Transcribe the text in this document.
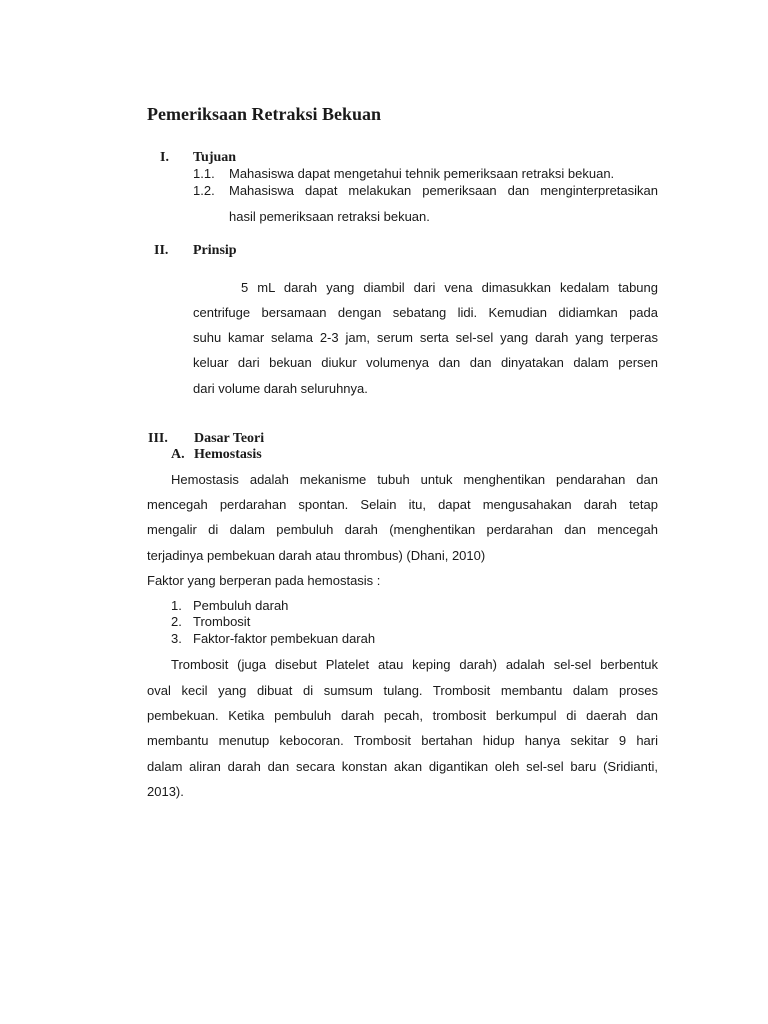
Pemeriksaan Retraksi Bekuan
I. Tujuan
1.1. Mahasiswa dapat mengetahui tehnik pemeriksaan retraksi bekuan.
1.2. Mahasiswa dapat melakukan pemeriksaan dan menginterpretasikan
hasil pemeriksaan retraksi bekuan.
II. Prinsip
5 mL darah yang diambil dari vena dimasukkan kedalam tabung
centrifuge bersamaan dengan sebatang lidi. Kemudian didiamkan pada
suhu kamar selama 2-3 jam, serum serta sel-sel yang darah yang terperas
keluar dari bekuan diukur volumenya dan dan dinyatakan dalam persen
dari volume darah seluruhnya.
III. Dasar Teori
A. Hemostasis
Hemostasis adalah mekanisme tubuh untuk menghentikan pendarahan dan
mencegah perdarahan spontan. Selain itu, dapat mengusahakan darah tetap
mengalir di dalam pembuluh darah (menghentikan perdarahan dan mencegah
terjadinya pembekuan darah atau thrombus) (Dhani, 2010)
Faktor yang berperan pada hemostasis :
1. Pembuluh darah
2. Trombosit
3. Faktor-faktor pembekuan darah
Trombosit (juga disebut Platelet atau keping darah) adalah sel-sel berbentuk
oval kecil yang dibuat di sumsum tulang. Trombosit membantu dalam proses
pembekuan. Ketika pembuluh darah pecah, trombosit berkumpul di daerah dan
membantu menutup kebocoran. Trombosit bertahan hidup hanya sekitar 9 hari
dalam aliran darah dan secara konstan akan digantikan oleh sel-sel baru (Sridianti,
2013).
